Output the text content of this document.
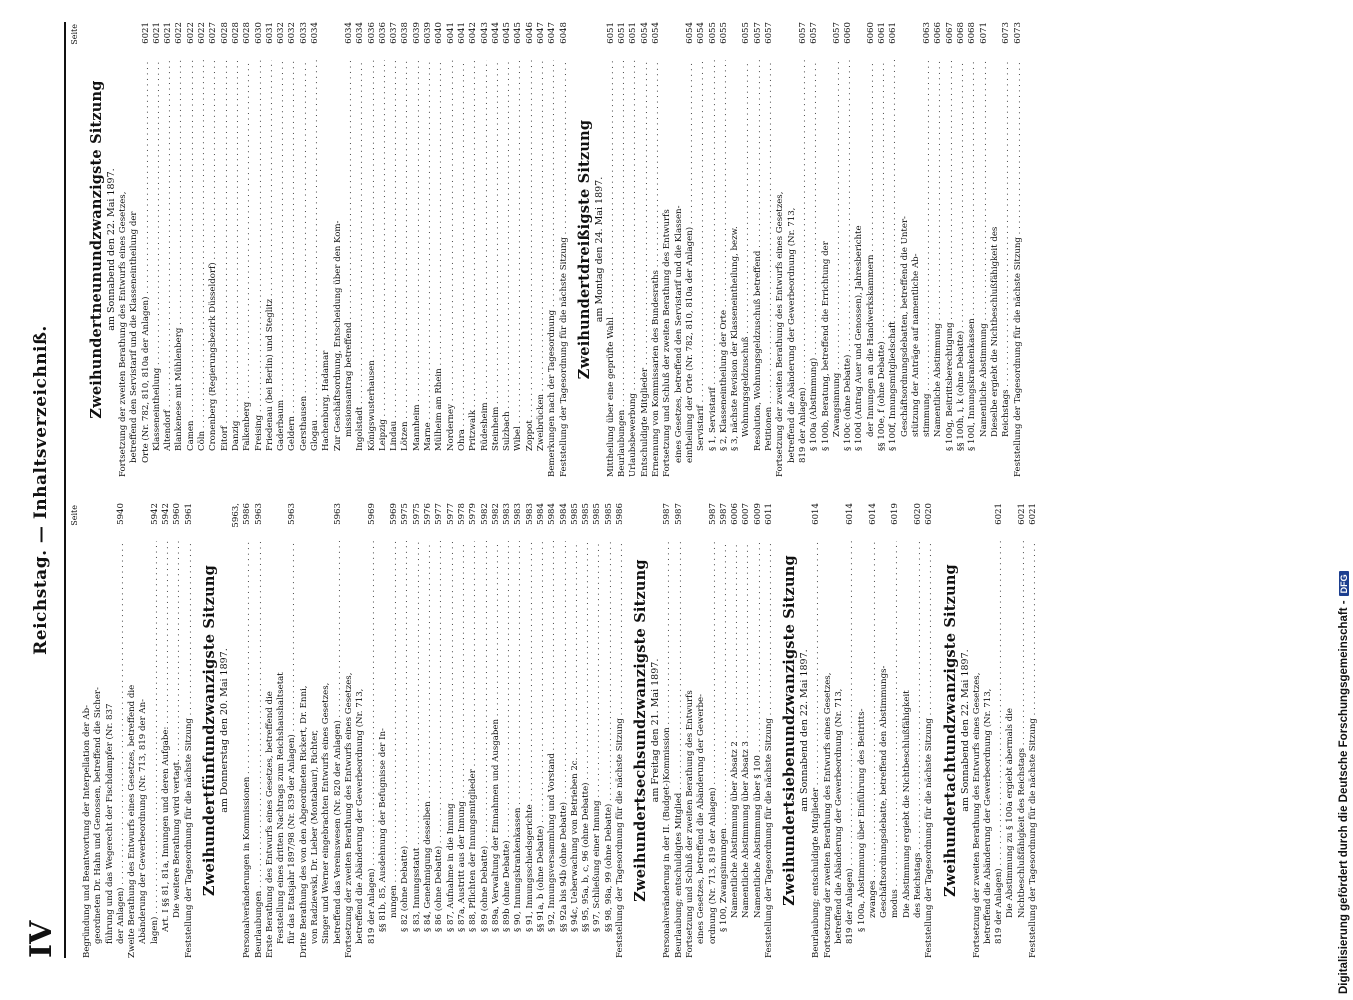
IV
Reichstag. — Inhaltsverzeichniß. Seite
Begründung und Beantwortung der Interpellation der Ab- geordneten Dr. Hahn und Genossen, betreffend die Sicher- führung und das Wegerecht der Fischdampfer (Nr. 837 der Anlagen) . . .
5940
Zweite Berathung des Entwurfs eines Gesetzes, betreffend die Abänderung der Gewerbeordnung (Nr. 713, 819 der An- lagen) . . .
5942
Art. I §§ 81, 81a, Innungen und deren Aufgabe: . . .
5942
Die weitere Berathung wird vertagt. . . .
5960
Feststellung der Tagesordnung für die nächste Sitzung . . .
5961
Zweihundertfünfundzwanzigste Sitzung am Donnerstag den 20. Mai 1897.
Personalveränderungen in Kommissionen . . .
5963, 5986
Beurlaubungen . . .
5963
Erste Berathung des Entwurfs eines Gesetzes, betreffend die Feststellung eines dritten Nachtrags zum Reichshaushaltsetat für das Etatsjahr 1897/98 (Nr. 839 der Anlagen) . . .
5963
Dritte Berathung des von den Abgeordneten Rickert, Dr. Enni, von Radziewski, Dr. Lieber (Montabaur), Richter, Singer und Werner eingebrachten Entwurfs eines Gesetzes, betreffend das Vereinswesen (Nr. 820 der Anlagen) . . .
5963
Fortsetzung der zweiten Berathung des Entwurfs eines Gesetzes, betreffend die Abänderung der Gewerbeordnung (Nr. 713, 819 der Anlagen) . . .
5969
§§ 81b, 85, Ausdehnung der Befugnisse der In- nungen . . .
5969
§ 82 (ohne Debatte) . . .
5975
§ 83, Innungsstatut . . .
5975
§ 84, Genehmigung desselben . . .
5976
§ 86 (ohne Debatte) . . .
5977
§ 87, Aufnahme in die Innung . . .
5977
§ 87a, Austritt aus der Innung . . .
5978
§ 88, Pflichten der Innungsmitglieder . . .
5979
§ 89 (ohne Debatte) . . .
5982
§ 89a, Verwaltung der Einnahmen und Ausgaben . . .
5982
§ 89b (ohne Debatte) . . .
5983
§ 90, Innungskrankenkassen . . .
5983
§ 91, Innungsschiedsgerichte . . .
5983
§§ 91a, b (ohne Debatte) . . .
5984
§ 92, Innungsversammlung und Vorstand . . .
5984
§§ 92a bis 94b (ohne Debatte) . . .
5984
§ 94c, Ueberwachung von Betrieben 2c. . . .
5985
§§ 95, 95a, b, c, 96 (ohne Debatte) . . .
5985
§ 97, Schließung einer Innung . . .
5985
§§ 98, 98a, 99 (ohne Debatte) . . .
5985
Feststellung der Tagesordnung für die nächste Sitzung . . .
5986
Zweihundertsechsundzwanzigste Sitzung am Freitag den 21. Mai 1897. Personalveränderung in der II. (Budget-)Kommission . . .
5987
Beurlaubung; entschuldigtes Mitglied . . .
5987
Fortsetzung und Schluß der zweiten Berathung des Entwurfs eines Gesetzes, betreffend die Abänderung der Gewerbe- ordnung (Nr. 713, 819 der Anlagen) . . .
5987
§ 100, Zwangsinnungen . . .
5987
Namentliche Abstimmung über Absatz 2 . . .
6006
Namentliche Abstimmung über Absatz 3 . . .
6007
Namentliche Abstimmung über § 100 . . .
6009
Feststellung der Tagesordnung für die nächste Sitzung . . .
6011
Zweihundertsiebenundzwanzigste Sitzung am Sonnabend den 22. Mai 1897.
Beurlaubung; entschuldigte Mitglieder . . .
6014
Fortsetzung der zweiten Berathung des Entwurfs eines Gesetzes, betreffend die Abänderung der Gewerbeordnung (Nr. 713, 819 der Anlagen) . . .
6014
§ 100a, Abstimmung über Einführung des Beitritts- zwanges . . .
6014
Geschäftsordnungsdebatte, betreffend den Abstimmungs- modus . . .
6019
Die Abstimmung ergiebt die Nichtbeschlußfähigkeit des Reichstags . . .
6020
Feststellung der Tagesordnung für die nächste Sitzung . . .
6020
Zweihundertachtundzwanzigste Sitzung am Sonnabend den 22. Mai 1897. Fortsetzung der zweiten Berathung des Entwurfs eines Gesetzes, betreffend die Abänderung der Gewerbeordnung (Nr. 713, 819 der Anlagen) . . .
6021
Die Abstimmung zu § 100a ergiebt abermals die Nichtbeschlußfähigkeit des Reichstags . . .
6021
Feststellung der Tagesordnung für die nächste Sitzung . . .
6021
Seite
Zweihundertneunundzwanzigste Sitzung am Sonnabend den 22. Mai 1897. Fortsetzung der zweiten Berathung des Entwurfs eines Gesetzes, betreffend den Servistarif und die Klasseneintheilung der Orte (Nr. 782, 810, 810a der Anlagen) . . .
6021
Klasseneintheilung . . .
6021
Altendorf . . .
6021
Blankenese mit Mühlenberg . . .
6022
Camen . . .
6022
Cöln . . .
6022
Cronenberg (Regierungsbezirk Düsseldorf) . . .
6027
Eitorf . . .
6028
Danzig . . .
6028
Falkenberg . . .
6028
Freising . . .
6030
Friedenau (bei Berlin) und Steglitz . . .
6031
Gaderbaum . . .
6032
Geldern . . .
6032
Gersthausen . . .
6033
Glogau . . .
6034
Hachenburg, Hadamar Zur Geschäftsordnung, Entscheidung über den Kom- missionsantrag betreffend . . .
6034
Ingolstadt . . .
6034
Königswusterhausen . . .
6036
Leipzig . . .
6036
Lindau . . .
6037
Lötzen . . .
6038
Mannheim . . .
6039
Marne . . .
6039
Mülheim am Rhein . . .
6040
Norderney . . .
6041
Ohra . . .
6041
Pritzwalk . . .
6042
Rüdesheim . . .
6043
Steinheim . . .
6044
Sulzbach . . .
6045
Wibel . . .
6045
Zoppot . . .
6046
Zweibrücken . . .
6047
Bemerkungen nach der Tagesordnung . . .
6047
Feststellung der Tagesordnung für die nächste Sitzung . . .
6048
Zweihundertdreißigste Sitzung am Montag den 24. Mai 1897.
Mittheilung über eine geprüfte Wahl . . .
6051
Beurlaubungen . . .
6051
Urlaubsbewerbung . . .
6051
Entschuldigte Mitglieder . . .
6054
Ernennung von Kommissarien des Bundesraths . . .
6054
Fortsetzung und Schluß der zweiten Berathung des Entwurfs eines Gesetzes, betreffend den Servistarif und die Klassen- eintheilung der Orte (Nr. 782, 810, 810a der Anlagen) . . .
6054
Servistarif . . .
6054
§ 1, Servistarif . . .
6055
§ 2, Klasseneintheilung der Orte . . .
6055
§ 3, nächste Revision der Klasseneintheilung, bezw. Wohnungsgeldzuschuß . . .
6055
Resolution, Wohnungsgeldzuschuß betreffend . . .
6057
Petitionen . . .
6057
Fortsetzung der zweiten Berathung des Entwurfs eines Gesetzes, betreffend die Abänderung der Gewerbeordnung (Nr. 713, 819 der Anlagen) . . .
6057
§ 100a (Abstimmung) . . .
6057
§ 100b, Beratung, betreffend die Errichtung der Zwangsinnung . . .
6057
§ 100c (ohne Debatte) . . .
6060
§ 100d (Antrag Auer und Genossen), Jahresberichte der Innungen an die Handwerkskammern . . .
6060
§§ 100e, f (ohne Debatte) . . .
6061
§ 100f, Innungsmitgliedschaft . . .
6061
Geschäftsordnungsdebatten, betreffend die Unter- stützung der Anträge auf namentliche Ab- stimmung . . .
6063
Namentliche Abstimmung . . .
6066
§ 100g, Beitrittsberechtigung . . .
6067
§§ 100h, i, k (ohne Debatte) . . .
6068
§ 100l, Innungskrankenkassen . . .
6068
Namentliche Abstimmung . . .
6071
Dieselbe ergiebt die Nichtbeschlußfähigkeit des Reichstags . . .
6073
Feststellung der Tagesordnung für die nächste Sitzung . . .
6073
Digitalisierung gefördert durch die Deutsche Forschungsgemeinschaft -
DFG
